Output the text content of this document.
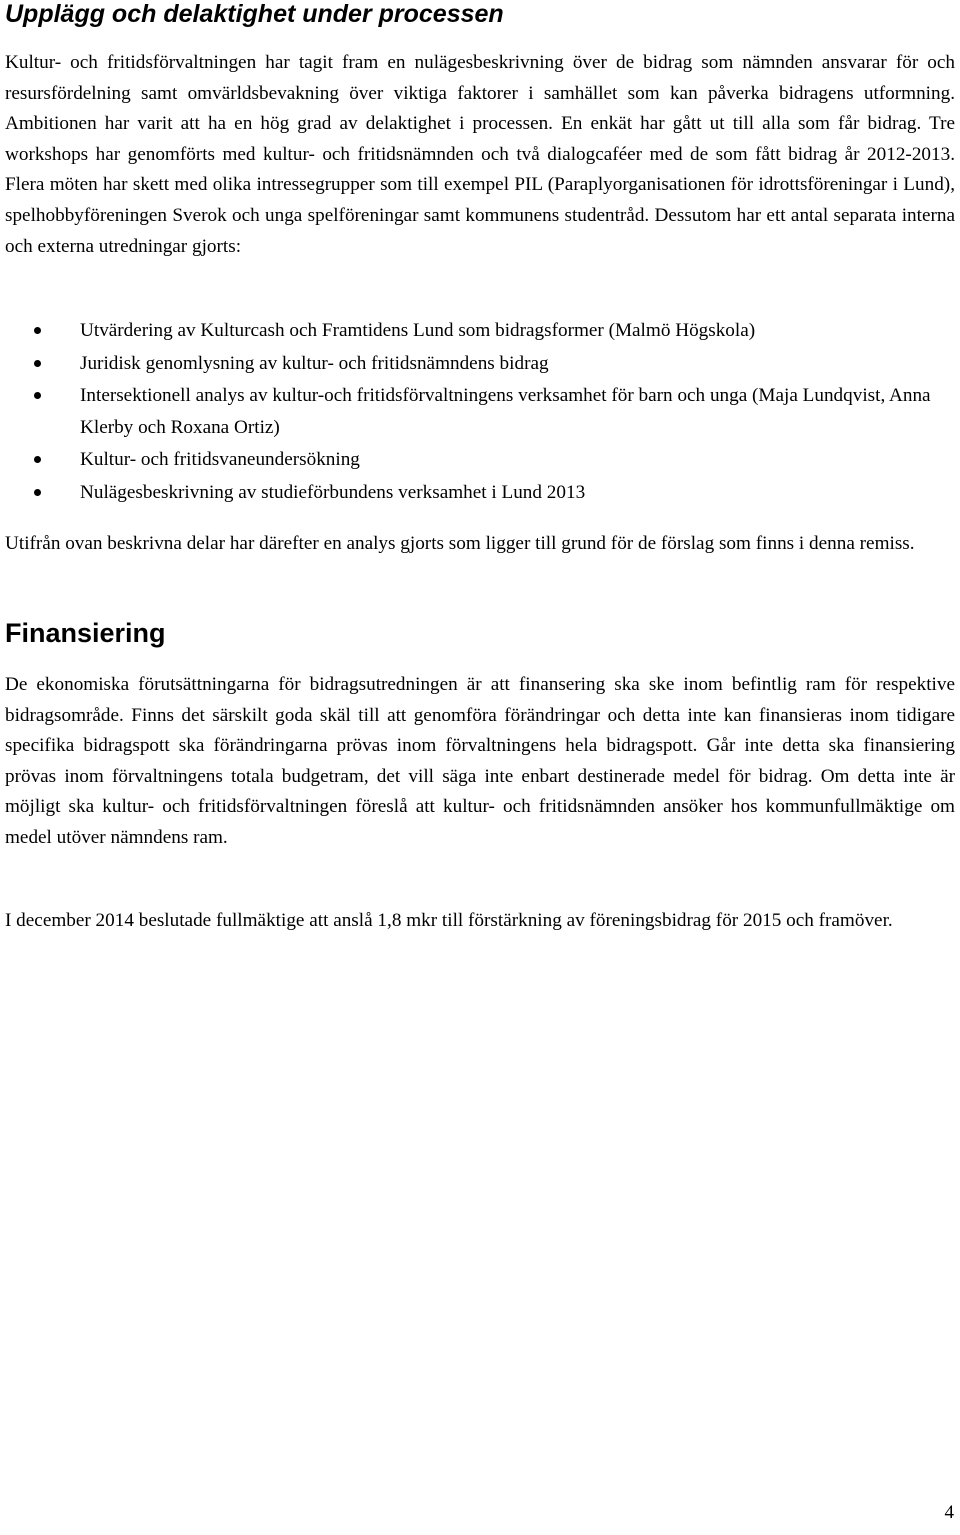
Upplägg och delaktighet under processen

Kultur- och fritidsförvaltningen har tagit fram en nulägesbeskrivning över de bidrag som nämnden ansvarar för och resursfördelning samt omvärldsbevakning över viktiga faktorer i samhället som kan påverka bidragens utformning. Ambitionen har varit att ha en hög grad av delaktighet i processen. En enkät har gått ut till alla som får bidrag. Tre workshops har genomförts med kultur- och fritidsnämnden och två dialogcaféer med de som fått bidrag år 2012-2013. Flera möten har skett med olika intressegrupper som till exempel PIL (Paraplyorganisationen för idrottsföreningar i Lund), spelhobbyföreningen Sverok och unga spelföreningar samt kommunens studentråd. Dessutom har ett antal separata interna och externa utredningar gjorts:

Utvärdering av Kulturcash och Framtidens Lund som bidragsformer (Malmö Högskola)
Juridisk genomlysning av kultur- och fritidsnämndens bidrag
Intersektionell analys av kultur-och fritidsförvaltningens verksamhet för barn och unga (Maja Lundqvist, Anna Klerby och Roxana Ortiz)
Kultur- och fritidsvaneundersökning
Nulägesbeskrivning av studieförbundens verksamhet i Lund 2013

Utifrån ovan beskrivna delar har därefter en analys gjorts som ligger till grund för de förslag som finns i denna remiss.

Finansiering

De ekonomiska förutsättningarna för bidragsutredningen är att finansering ska ske inom befintlig ram för respektive bidragsområde. Finns det särskilt goda skäl till att genomföra förändringar och detta inte kan finansieras inom tidigare specifika bidragspott ska förändringarna prövas inom förvaltningens hela bidragspott. Går inte detta ska finansiering prövas inom förvaltningens totala budgetram, det vill säga inte enbart destinerade medel för bidrag. Om detta inte är möjligt ska kultur- och fritidsförvaltningen föreslå att kultur- och fritidsnämnden ansöker hos kommunfullmäktige om medel utöver nämndens ram.

I december 2014 beslutade fullmäktige att anslå 1,8 mkr till förstärkning av föreningsbidrag för 2015 och framöver.

4
